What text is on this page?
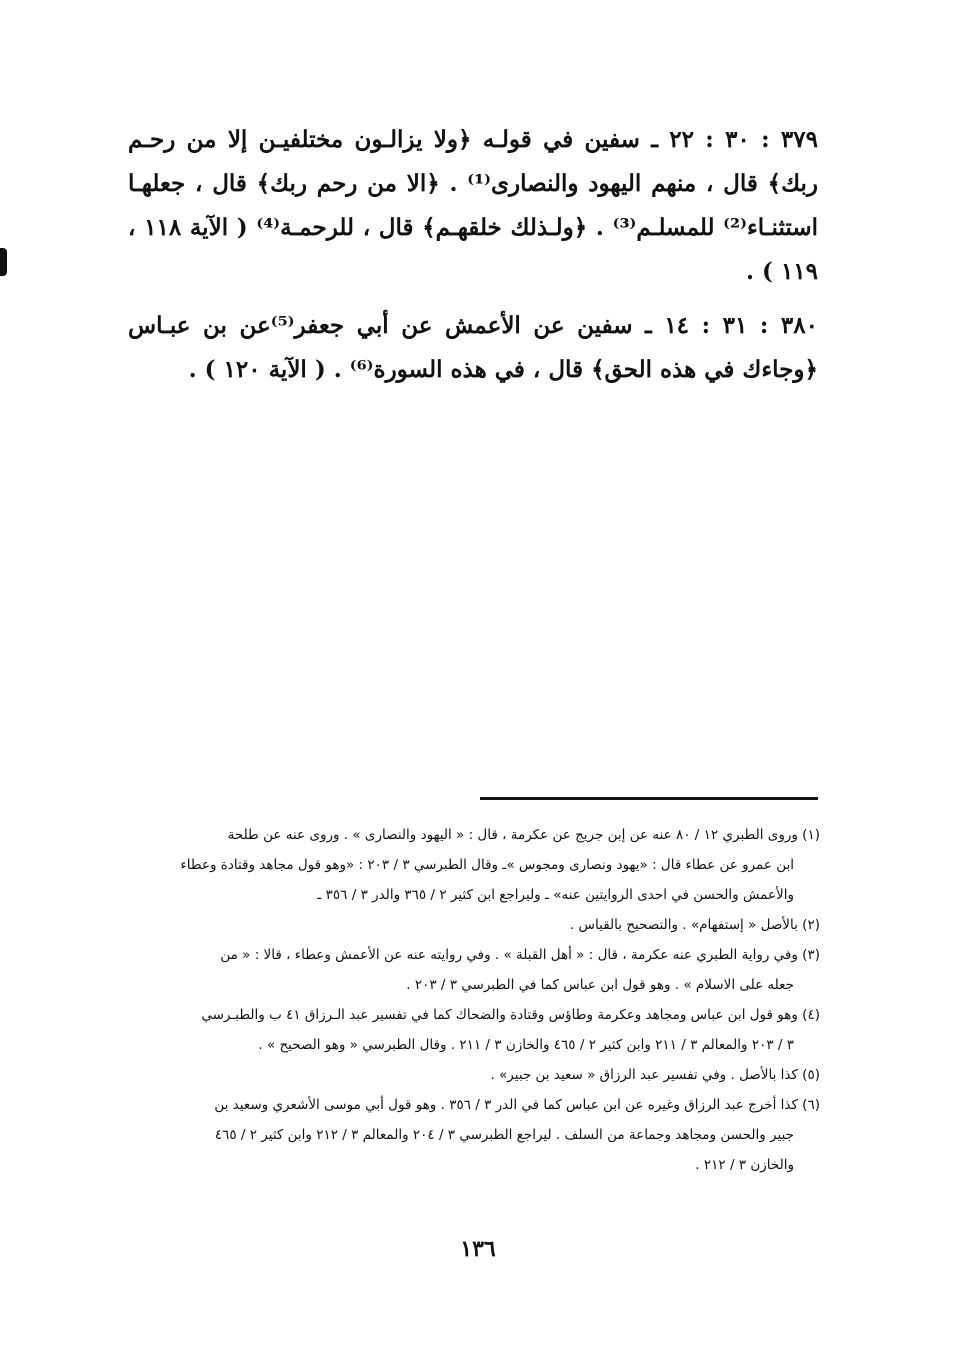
٣٧٩ : ٣٠ : ٢٢ ـ سفين في قولـه ﴿ولا يزالـون مختلفيـن إلا من رحـم ربك﴾ قال ، منهم اليهود والنصارى⁽¹⁾ . ﴿الا من رحم ربك﴾ قال ، جعلهـا استثنـاء⁽²⁾ للمسلـم⁽³⁾ . ﴿ولـذلك خلقهـم﴾ قال ، للرحمـة⁽⁴⁾ ( الآية ١١٨ ، ١١٩ ) .

٣٨٠ : ٣١ : ١٤ ـ سفين عن الأعمش عن أبي جعفر⁽⁵⁾عن بن عبـاس ﴿وجاءك في هذه الحق﴾ قال ، في هذه السورة⁽⁶⁾ . ( الآية ١٢٠ ) .

(١) وروى الطبري ١٢ / ٨٠ عنه عن إبن جريج عن عكرمة ، قال : « اليهود والنصارى » . وروى عنه عن طلحة

ابن عمرو عن عطاء قال : «يهود ونصارى ومجوس »ـ وقال الطبرسي ٣ / ٢٠٣ : «وهو قول مجاهد وقتادة وعطاء

والأعمش والحسن في احدى الروايتين عنه» ـ وليراجع ابن كثير ٢ / ٣٦٥ والدر ٣ / ٣٥٦ ـ

(٢) بالأصل « إستفهام» . والتصحيح بالقياس .

(٣) وفي رواية الطبري عنه عكرمة ، قال : « أهل القبلة » . وفي روايته عنه عن الأعمش وعطاء ، قالا : « من

جعله على الاسلام » . وهو قول ابن عباس كما في الطبرسي ٣ / ٢٠٣ .

(٤) وهو قول ابن عباس ومجاهد وعكرمة وطاؤس وقتادة والضحاك كما في تفسير عبد الـرزاق ٤١ ب والطبـرسي

٣ / ٢٠٣ والمعالم ٣ / ٢١١ وابن كثير ٢ / ٤٦٥ والخازن ٣ / ٢١١ . وقال الطبرسي « وهو الصحيح » .

(٥) كذا بالأصل . وفي تفسير عبد الرزاق « سعيد بن جبير» .

(٦) كذا أخرج عبد الرزاق وغيره عن ابن عباس كما في الدر ٣ / ٣٥٦ . وهو قول أبي موسى الأشعري وسعيد بن

جبير والحسن ومجاهد وجماعة من السلف . ليراجع الطبرسي ٣ / ٢٠٤ والمعالم ٣ / ٢١٢ وابن كثير ٢ / ٤٦٥

والخازن ٣ / ٢١٢ .

١٣٦
